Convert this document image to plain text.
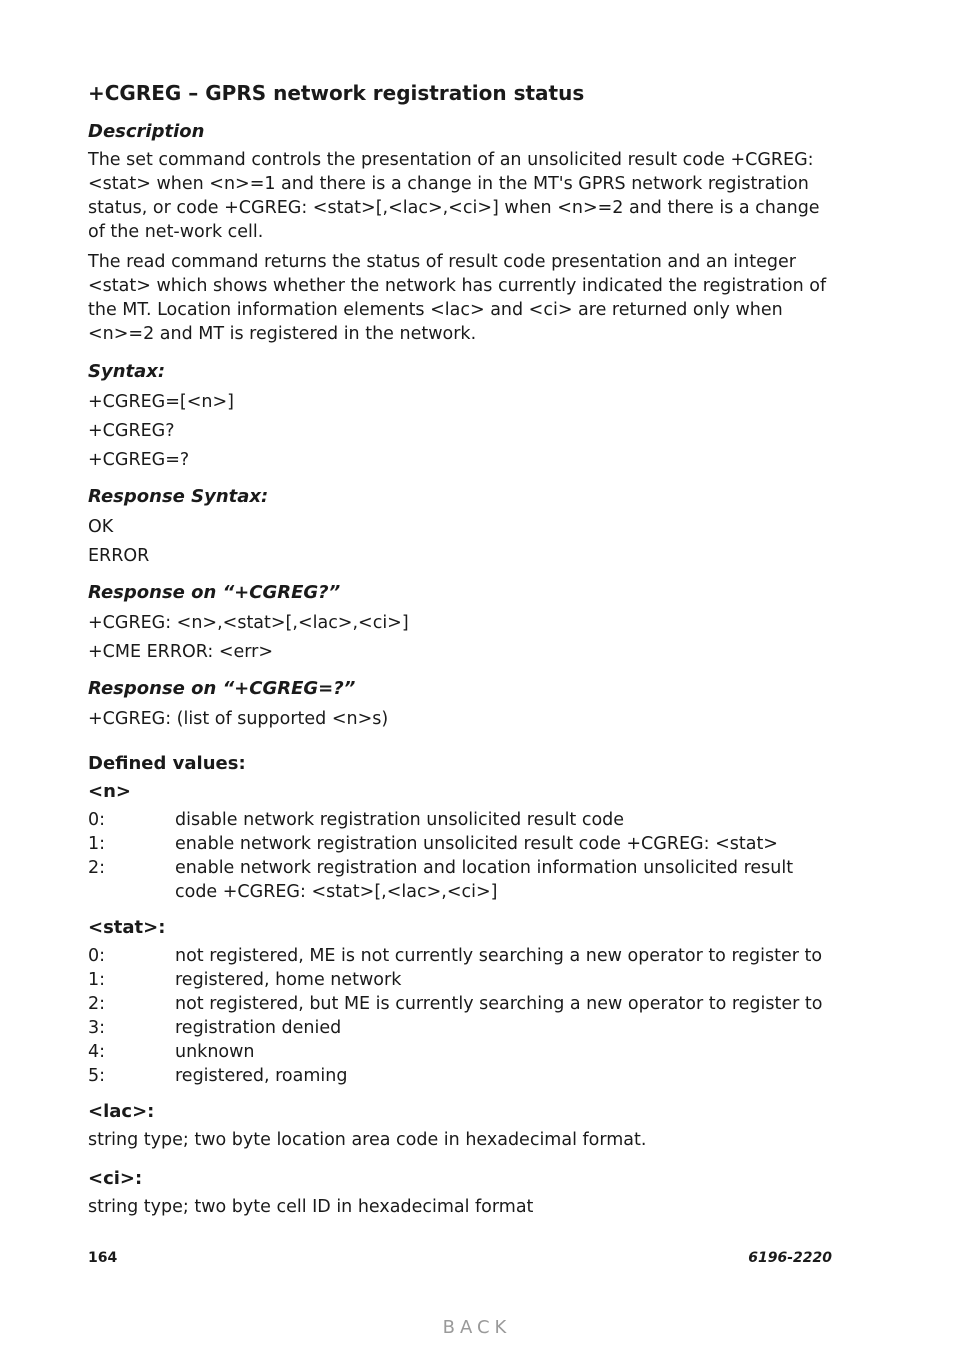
+CGREG – GPRS network registration status
Description
The set command controls the presentation of an unsolicited result code +CGREG: <stat> when <n>=1 and there is a change in the MT's GPRS network registration status, or code +CGREG: <stat>[,<lac>,<ci>] when <n>=2 and there is a change of the net-work cell.
The read command returns the status of result code presentation and an integer <stat> which shows whether the network has currently indicated the registration of the MT. Location information elements <lac> and <ci> are returned only when <n>=2 and MT is registered in the network.
Syntax:
+CGREG=[<n>]
+CGREG?
+CGREG=?
Response Syntax:
OK
ERROR
Response on “+CGREG?”
+CGREG: <n>,<stat>[,<lac>,<ci>]
+CME ERROR: <err>
Response on “+CGREG=?”
+CGREG: (list of supported <n>s)
Defined values:
<n>
0:	disable network registration unsolicited result code
1:	enable network registration unsolicited result code +CGREG: <stat>
2:	enable network registration and location information unsolicited result code +CGREG: <stat>[,<lac>,<ci>]
<stat>:
0:	not registered, ME is not currently searching a new operator to register to
1:	registered, home network
2:	not registered, but ME is currently searching a new operator to register to
3:	registration denied
4:	unknown
5:	registered, roaming
<lac>:
string type; two byte location area code in hexadecimal format.
<ci>:
string type; two byte cell ID in hexadecimal format
164	6196-2220
BACK
